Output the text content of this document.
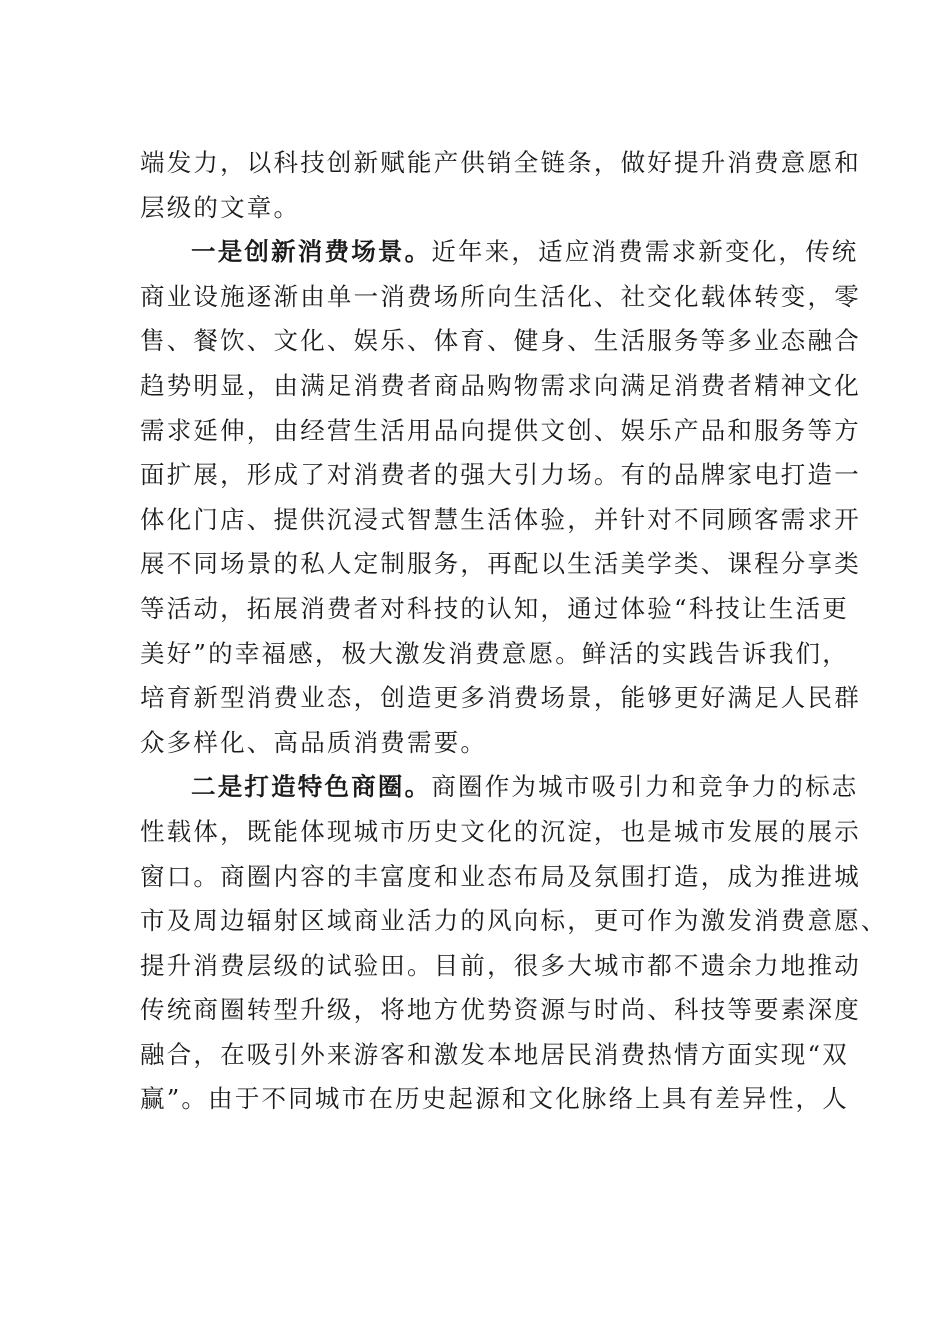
端发力，以科技创新赋能产供销全链条，做好提升消费意愿和
层级的文章。
一是创新消费场景。近年来，适应消费需求新变化，传统
商业设施逐渐由单一消费场所向生活化、社交化载体转变，零
售、餐饮、文化、娱乐、体育、健身、生活服务等多业态融合
趋势明显，由满足消费者商品购物需求向满足消费者精神文化
需求延伸，由经营生活用品向提供文创、娱乐产品和服务等方
面扩展，形成了对消费者的强大引力场。有的品牌家电打造一
体化门店、提供沉浸式智慧生活体验，并针对不同顾客需求开
展不同场景的私人定制服务，再配以生活美学类、课程分享类
等活动，拓展消费者对科技的认知，通过体验“科技让生活更
美好”的幸福感，极大激发消费意愿。鲜活的实践告诉我们，
培育新型消费业态，创造更多消费场景，能够更好满足人民群
众多样化、高品质消费需要。
二是打造特色商圈。商圈作为城市吸引力和竞争力的标志
性载体，既能体现城市历史文化的沉淀，也是城市发展的展示
窗口。商圈内容的丰富度和业态布局及氛围打造，成为推进城
市及周边辐射区域商业活力的风向标，更可作为激发消费意愿、
提升消费层级的试验田。目前，很多大城市都不遗余力地推动
传统商圈转型升级，将地方优势资源与时尚、科技等要素深度
融合，在吸引外来游客和激发本地居民消费热情方面实现“双
赢”。由于不同城市在历史起源和文化脉络上具有差异性，人
